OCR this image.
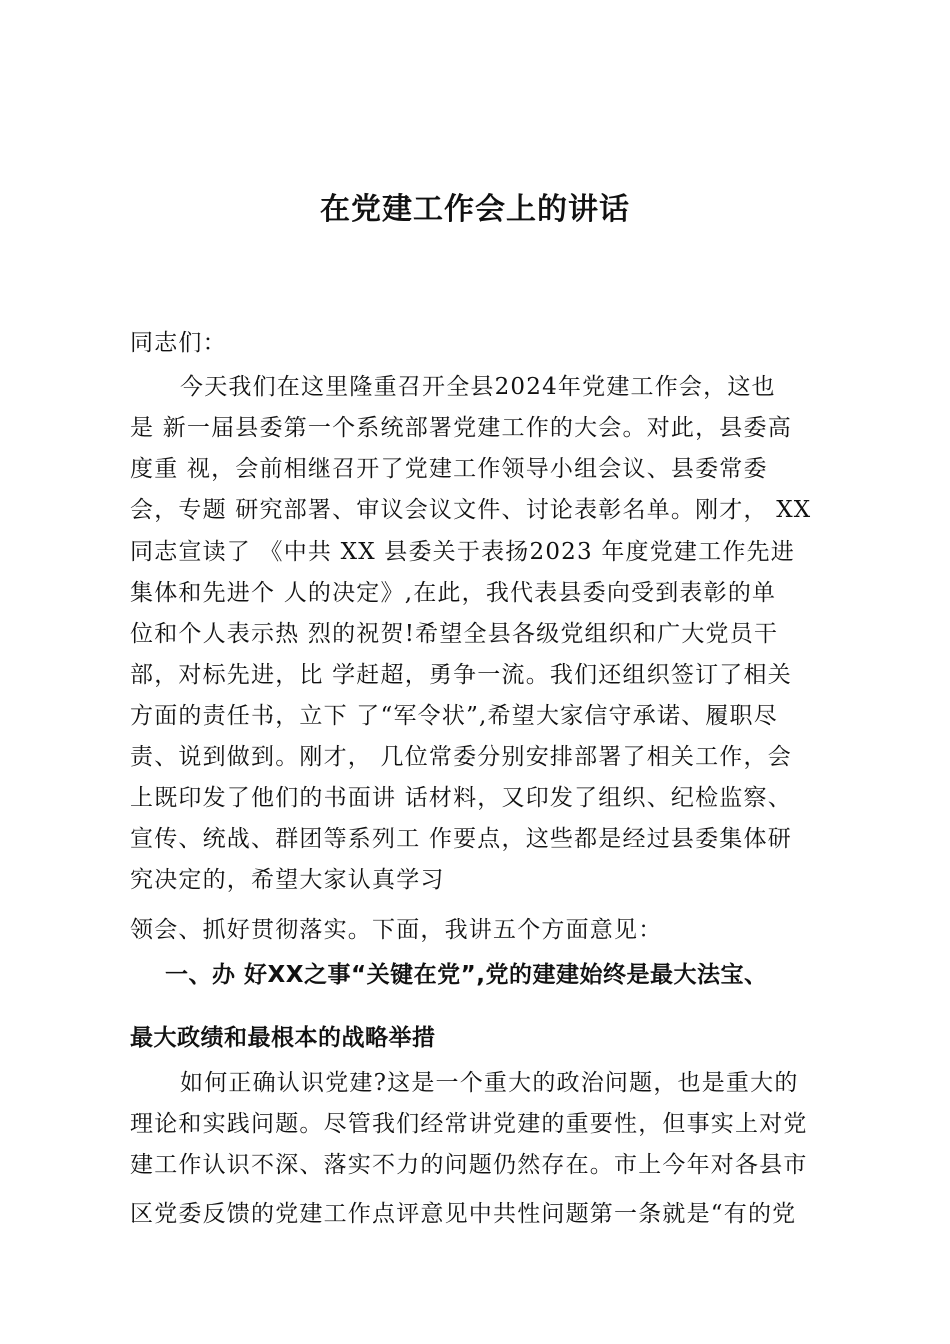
在党建工作会上的讲话
同志们：
今天我们在这里隆重召开全县2024年党建工作会，这也
是 新一届县委第一个系统部署党建工作的大会。对此，县委高
度重 视，会前相继召开了党建工作领导小组会议、县委常委
会，专题 研究部署、审议会议文件、讨论表彰名单。刚才， XX
同志宣读了 《中共 XX 县委关于表扬2023 年度党建工作先进
集体和先进个 人的决定》,在此，我代表县委向受到表彰的单
位和个人表示热 烈的祝贺!希望全县各级党组织和广大党员干
部，对标先进，比 学赶超，勇争一流。我们还组织签订了相关
方面的责任书，立下 了“军令状”,希望大家信守承诺、履职尽
责、说到做到。刚才， 几位常委分别安排部署了相关工作，会
上既印发了他们的书面讲 话材料，又印发了组织、纪检监察、
宣传、统战、群团等系列工 作要点，这些都是经过县委集体研
究决定的，希望大家认真学习
领会、抓好贯彻落实。下面，我讲五个方面意见：
一、办 好XX之事“关键在党”,党的建建始终是最大法宝、
最大政绩和最根本的战略举措
如何正确认识党建?这是一个重大的政治问题，也是重大的
理论和实践问题。尽管我们经常讲党建的重要性，但事实上对党
建工作认识不深、落实不力的问题仍然存在。市上今年对各县市
区党委反馈的党建工作点评意见中共性问题第一条就是“有的党
